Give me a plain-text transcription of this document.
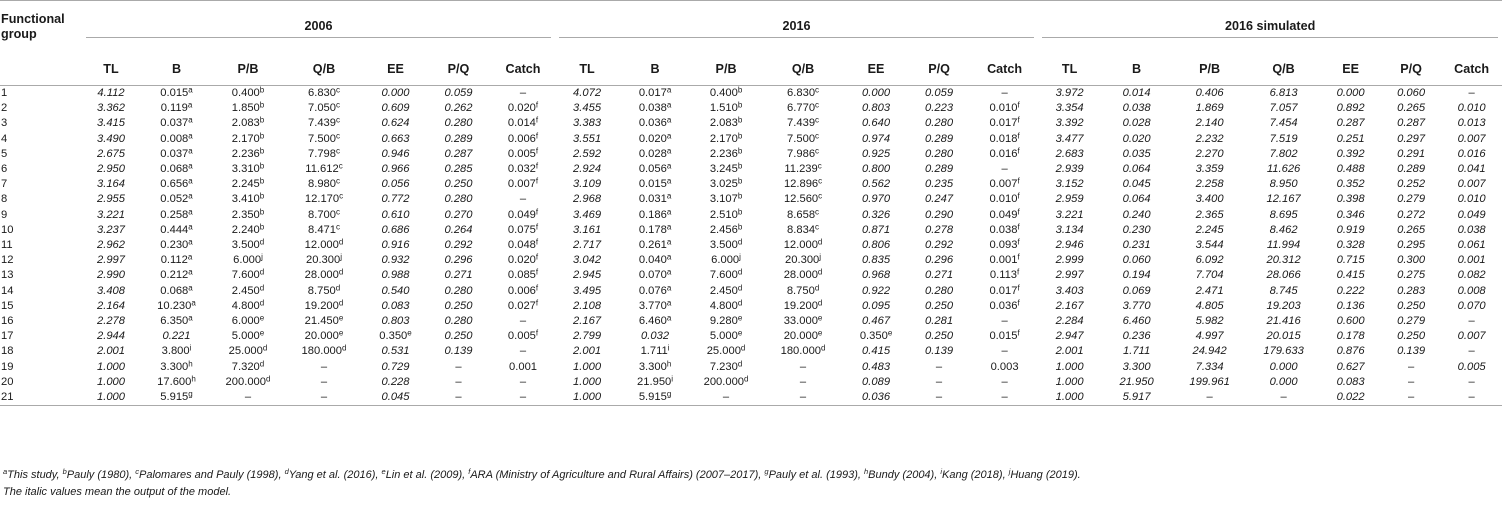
Functional group	2006							2016							2016 simulated						

	TL	B	P/B	Q/B	EE	P/Q	Catch	TL	B	P/B	Q/B	EE	P/Q	Catch	TL	B	P/B	Q/B	EE	P/Q	Catch
1	4.112	0.015$^a$	0.400$^b$	6.830$^c$	0.000	0.059	–	4.072	0.017$^a$	0.400$^b$	6.830$^c$	0.000	0.059	–	3.972	0.014	0.406	6.813	0.000	0.060	–
2	3.362	0.119$^a$	1.850$^b$	7.050$^c$	0.609	0.262	0.020$^f$	3.455	0.038$^a$	1.510$^b$	6.770$^c$	0.803	0.223	0.010$^f$	3.354	0.038	1.869	7.057	0.892	0.265	0.010
3	3.415	0.037$^a$	2.083$^b$	7.439$^c$	0.624	0.280	0.014$^f$	3.383	0.036$^a$	2.083$^b$	7.439$^c$	0.640	0.280	0.017$^f$	3.392	0.028	2.140	7.454	0.287	0.287	0.013
4	3.490	0.008$^a$	2.170$^b$	7.500$^c$	0.663	0.289	0.006$^f$	3.551	0.020$^a$	2.170$^b$	7.500$^c$	0.974	0.289	0.018$^f$	3.477	0.020	2.232	7.519	0.251	0.297	0.007
5	2.675	0.037$^a$	2.236$^b$	7.798$^c$	0.946	0.287	0.005$^f$	2.592	0.028$^a$	2.236$^b$	7.986$^c$	0.925	0.280	0.016$^f$	2.683	0.035	2.270	7.802	0.392	0.291	0.016
6	2.950	0.068$^a$	3.310$^b$	11.612$^c$	0.966	0.285	0.032$^f$	2.924	0.056$^a$	3.245$^b$	11.239$^c$	0.800	0.289	–	2.939	0.064	3.359	11.626	0.488	0.289	0.041
7	3.164	0.656$^a$	2.245$^b$	8.980$^c$	0.056	0.250	0.007$^f$	3.109	0.015$^a$	3.025$^b$	12.896$^c$	0.562	0.235	0.007$^f$	3.152	0.045	2.258	8.950	0.352	0.252	0.007
8	2.955	0.052$^a$	3.410$^b$	12.170$^c$	0.772	0.280	–	2.968	0.031$^a$	3.107$^b$	12.560$^c$	0.970	0.247	0.010$^f$	2.959	0.064	3.400	12.167	0.398	0.279	0.010
9	3.221	0.258$^a$	2.350$^b$	8.700$^c$	0.610	0.270	0.049$^f$	3.469	0.186$^a$	2.510$^b$	8.658$^c$	0.326	0.290	0.049$^f$	3.221	0.240	2.365	8.695	0.346	0.272	0.049
10	3.237	0.444$^a$	2.240$^b$	8.471$^c$	0.686	0.264	0.075$^f$	3.161	0.178$^a$	2.456$^b$	8.834$^c$	0.871	0.278	0.038$^f$	3.134	0.230	2.245	8.462	0.919	0.265	0.038
11	2.962	0.230$^a$	3.500$^d$	12.000$^d$	0.916	0.292	0.048$^f$	2.717	0.261$^a$	3.500$^d$	12.000$^d$	0.806	0.292	0.093$^f$	2.946	0.231	3.544	11.994	0.328	0.295	0.061
12	2.997	0.112$^a$	6.000$^j$	20.300$^j$	0.932	0.296	0.020$^f$	3.042	0.040$^a$	6.000$^j$	20.300$^j$	0.835	0.296	0.001$^f$	2.999	0.060	6.092	20.312	0.715	0.300	0.001
13	2.990	0.212$^a$	7.600$^d$	28.000$^d$	0.988	0.271	0.085$^f$	2.945	0.070$^a$	7.600$^d$	28.000$^d$	0.968	0.271	0.113$^f$	2.997	0.194	7.704	28.066	0.415	0.275	0.082
14	3.408	0.068$^a$	2.450$^d$	8.750$^d$	0.540	0.280	0.006$^f$	3.495	0.076$^a$	2.450$^d$	8.750$^d$	0.922	0.280	0.017$^f$	3.403	0.069	2.471	8.745	0.222	0.283	0.008
15	2.164	10.230$^a$	4.800$^d$	19.200$^d$	0.083	0.250	0.027$^f$	2.108	3.770$^a$	4.800$^d$	19.200$^d$	0.095	0.250	0.036$^f$	2.167	3.770	4.805	19.203	0.136	0.250	0.070
16	2.278	6.350$^a$	6.000e	21.450e	0.803	0.280	–	2.167	6.460$^a$	9.280e	33.000e	0.467	0.281	–	2.284	6.460	5.982	21.416	0.600	0.279	–
17	2.944	0.221	5.000e	20.000e	0.350e	0.250	0.005$^f$	2.799	0.032	5.000e	20.000e	0.350e	0.250	0.015$^f$	2.947	0.236	4.997	20.015	0.178	0.250	0.007
18	2.001	3.800$^i$	25.000$^d$	180.000$^d$	0.531	0.139	–	2.001	1.711$^i$	25.000$^d$	180.000$^d$	0.415	0.139	–	2.001	1.711	24.942	179.633	0.876	0.139	–
19	1.000	3.300$^h$	7.320$^d$	–	0.729	–	0.001	1.000	3.300$^h$	7.230$^d$	–	0.483	–	0.003	1.000	3.300	7.334	0.000	0.627	–	0.005
20	1.000	17.600$^h$	200.000$^d$	–	0.228	–	–	1.000	21.950$^i$	200.000$^d$	–	0.089	–	–	1.000	21.950	199.961	0.000	0.083	–	–
21	1.000	5.915$^g$	–	–	0.045	–	–	1.000	5.915$^g$	–	–	0.036	–	–	1.000	5.917	–	–	0.022	–	–
$^a$This study, $^b$Pauly (1980), $^c$Palomares and Pauly (1998), $^d$Yang et al. (2016), $^e$Lin et al. (2009), $^f$ARA (Ministry of Agriculture and Rural Affairs) (2007–2017), $^g$Pauly et al. (1993), $^h$Bundy (2004), $^i$Kang (2018), $^j$Huang (2019).
The italic values mean the output of the model.
